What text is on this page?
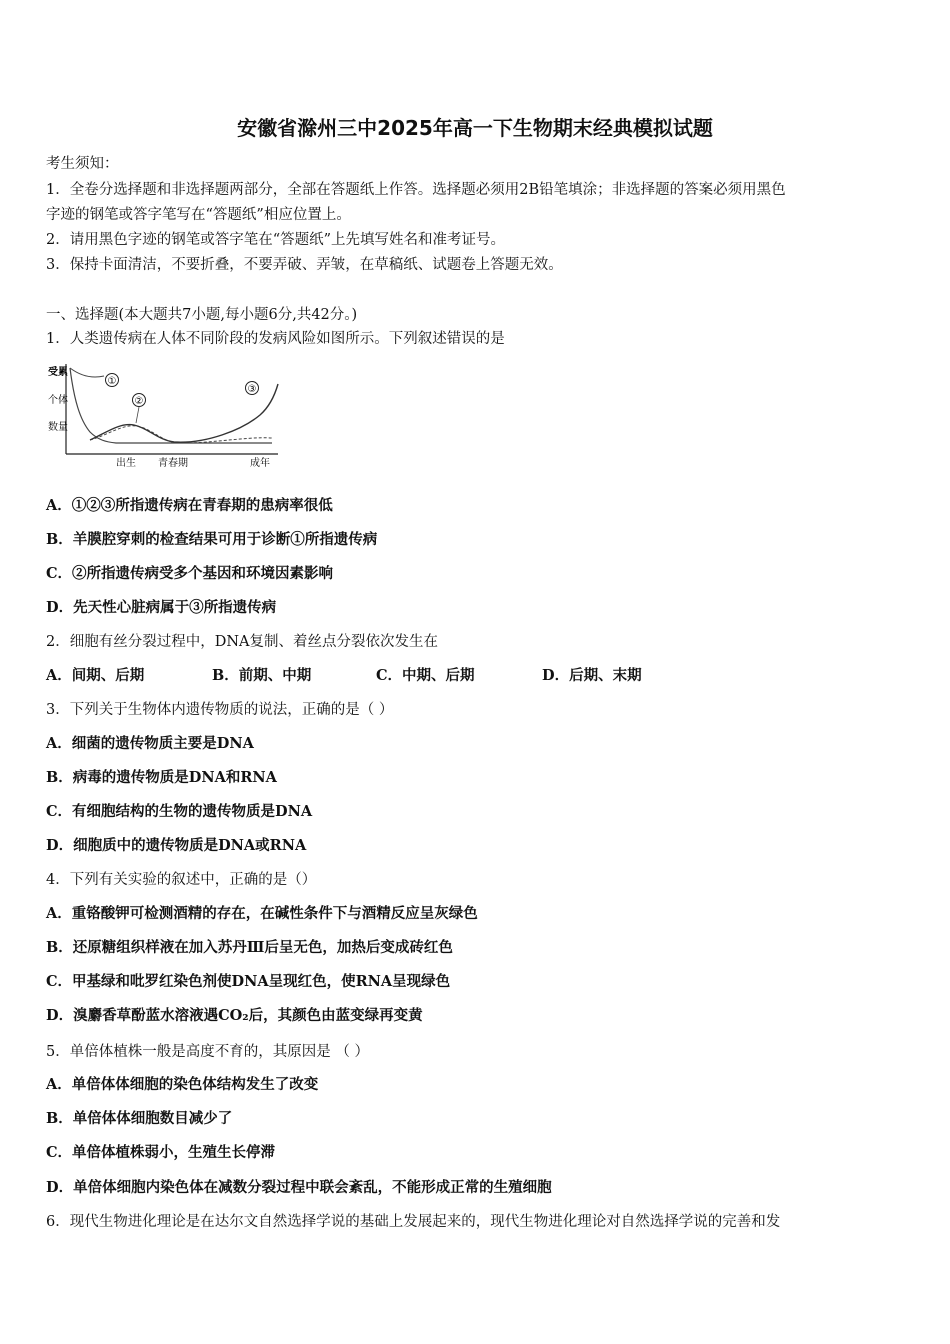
安徽省滁州三中2025年高一下生物期末经典模拟试题
考生须知：
1．全卷分选择题和非选择题两部分，全部在答题纸上作答。选择题必须用2B铅笔填涂；非选择题的答案必须用黑色
字迹的钢笔或答字笔写在“答题纸”相应位置上。
2．请用黑色字迹的钢笔或答字笔在“答题纸”上先填写姓名和准考证号。
3．保持卡面清洁，不要折叠，不要弄破、弄皱，在草稿纸、试题卷上答题无效。
一、选择题(本大题共7小题,每小题6分,共42分。)
1．人类遗传病在人体不同阶段的发病风险如图所示。下列叙述错误的是
受累
个体
数量
①
②
③
出生 青春期	成年
A．①②③所指遗传病在青春期的患病率很低
B．羊膜腔穿刺的检查结果可用于诊断①所指遗传病
C．②所指遗传病受多个基因和环境因素影响
D．先天性心脏病属于③所指遗传病
2．细胞有丝分裂过程中，DNA复制、着丝点分裂依次发生在
A．间期、后期	B．前期、中期	C．中期、后期	D．后期、末期
3．下列关于生物体内遗传物质的说法，正确的是（ ）
A．细菌的遗传物质主要是DNA
B．病毒的遗传物质是DNA和RNA
C．有细胞结构的生物的遗传物质是DNA
D．细胞质中的遗传物质是DNA或RNA
4．下列有关实验的叙述中，正确的是（）
A．重铬酸钾可检测酒精的存在，在碱性条件下与酒精反应呈灰绿色
B．还原糖组织样液在加入苏丹Ⅲ后呈无色，加热后变成砖红色
C．甲基绿和吡罗红染色剂使DNA呈现红色，使RNA呈现绿色
D．溴麝香草酚蓝水溶液遇CO₂后，其颜色由蓝变绿再变黄
5．单倍体植株一般是高度不育的，其原因是 （ ）
A．单倍体体细胞的染色体结构发生了改变
B．单倍体体细胞数目减少了
C．单倍体植株弱小，生殖生长停滞
D．单倍体细胞内染色体在减数分裂过程中联会紊乱，不能形成正常的生殖细胞
6．现代生物进化理论是在达尔文自然选择学说的基础上发展起来的，现代生物进化理论对自然选择学说的完善和发
